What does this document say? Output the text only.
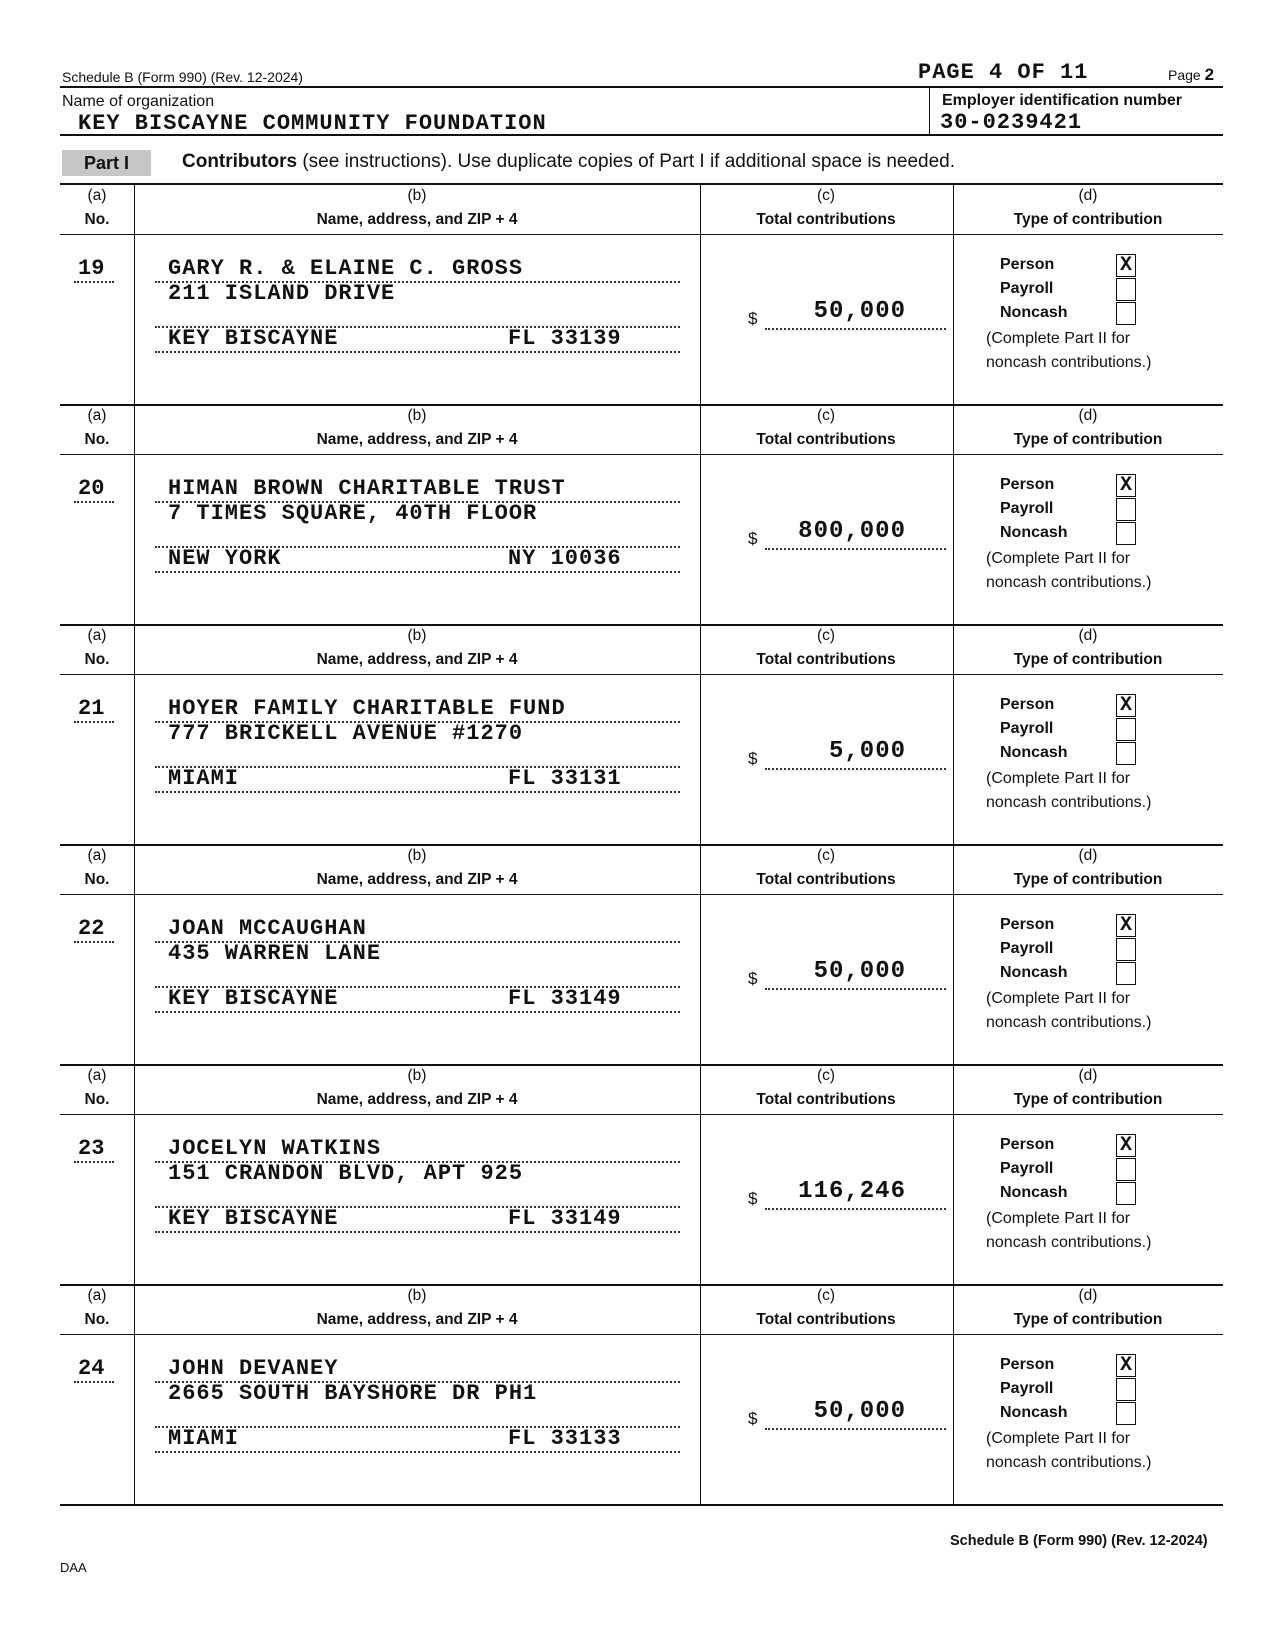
Schedule B (Form 990) (Rev. 12-2024)	PAGE 4 OF 11	Page 2
Name of organization
KEY BISCAYNE COMMUNITY FOUNDATION
Employer identification number
30-0239421
Part I	Contributors (see instructions). Use duplicate copies of Part I if additional space is needed.
(a)
No.
(b)
Name, address, and ZIP + 4
(c)
Total contributions
(d)
Type of contribution
19	GARY R. & ELAINE C. GROSS
211 ISLAND DRIVE
KEY BISCAYNE	FL 33139
$ 50,000
Person	X
Payroll
Noncash
(Complete Part II for
noncash contributions.)
(a)
No.
(b)
Name, address, and ZIP + 4
(c)
Total contributions
(d)
Type of contribution
20	HIMAN BROWN CHARITABLE TRUST
7 TIMES SQUARE, 40TH FLOOR
NEW YORK	NY 10036
$ 800,000
Person	X
Payroll
Noncash
(Complete Part II for
noncash contributions.)
(a)
No.
(b)
Name, address, and ZIP + 4
(c)
Total contributions
(d)
Type of contribution
21	HOYER FAMILY CHARITABLE FUND
777 BRICKELL AVENUE #1270
MIAMI	FL 33131
$	5,000
Person	X
Payroll
Noncash
(Complete Part II for
noncash contributions.)
(a)
No.
(b)
Name, address, and ZIP + 4
(c)
Total contributions
(d)
Type of contribution
22	JOAN MCCAUGHAN
435 WARREN LANE
KEY BISCAYNE	FL 33149
$ 50,000
Person	X
Payroll
Noncash
(Complete Part II for
noncash contributions.)
(a)
No.
(b)
Name, address, and ZIP + 4
(c)
Total contributions
(d)
Type of contribution
23	JOCELYN WATKINS
151 CRANDON BLVD, APT 925
KEY BISCAYNE	FL 33149
$ 116,246
Person	X
Payroll
Noncash
(Complete Part II for
noncash contributions.)
(a)
No.
(b)
Name, address, and ZIP + 4
(c)
Total contributions
(d)
Type of contribution
24	JOHN DEVANEY
2665 SOUTH BAYSHORE DR PH1
MIAMI	FL 33133
$ 50,000
Person	X
Payroll
Noncash
(Complete Part II for
noncash contributions.)
Schedule B (Form 990) (Rev. 12-2024)
DAA
